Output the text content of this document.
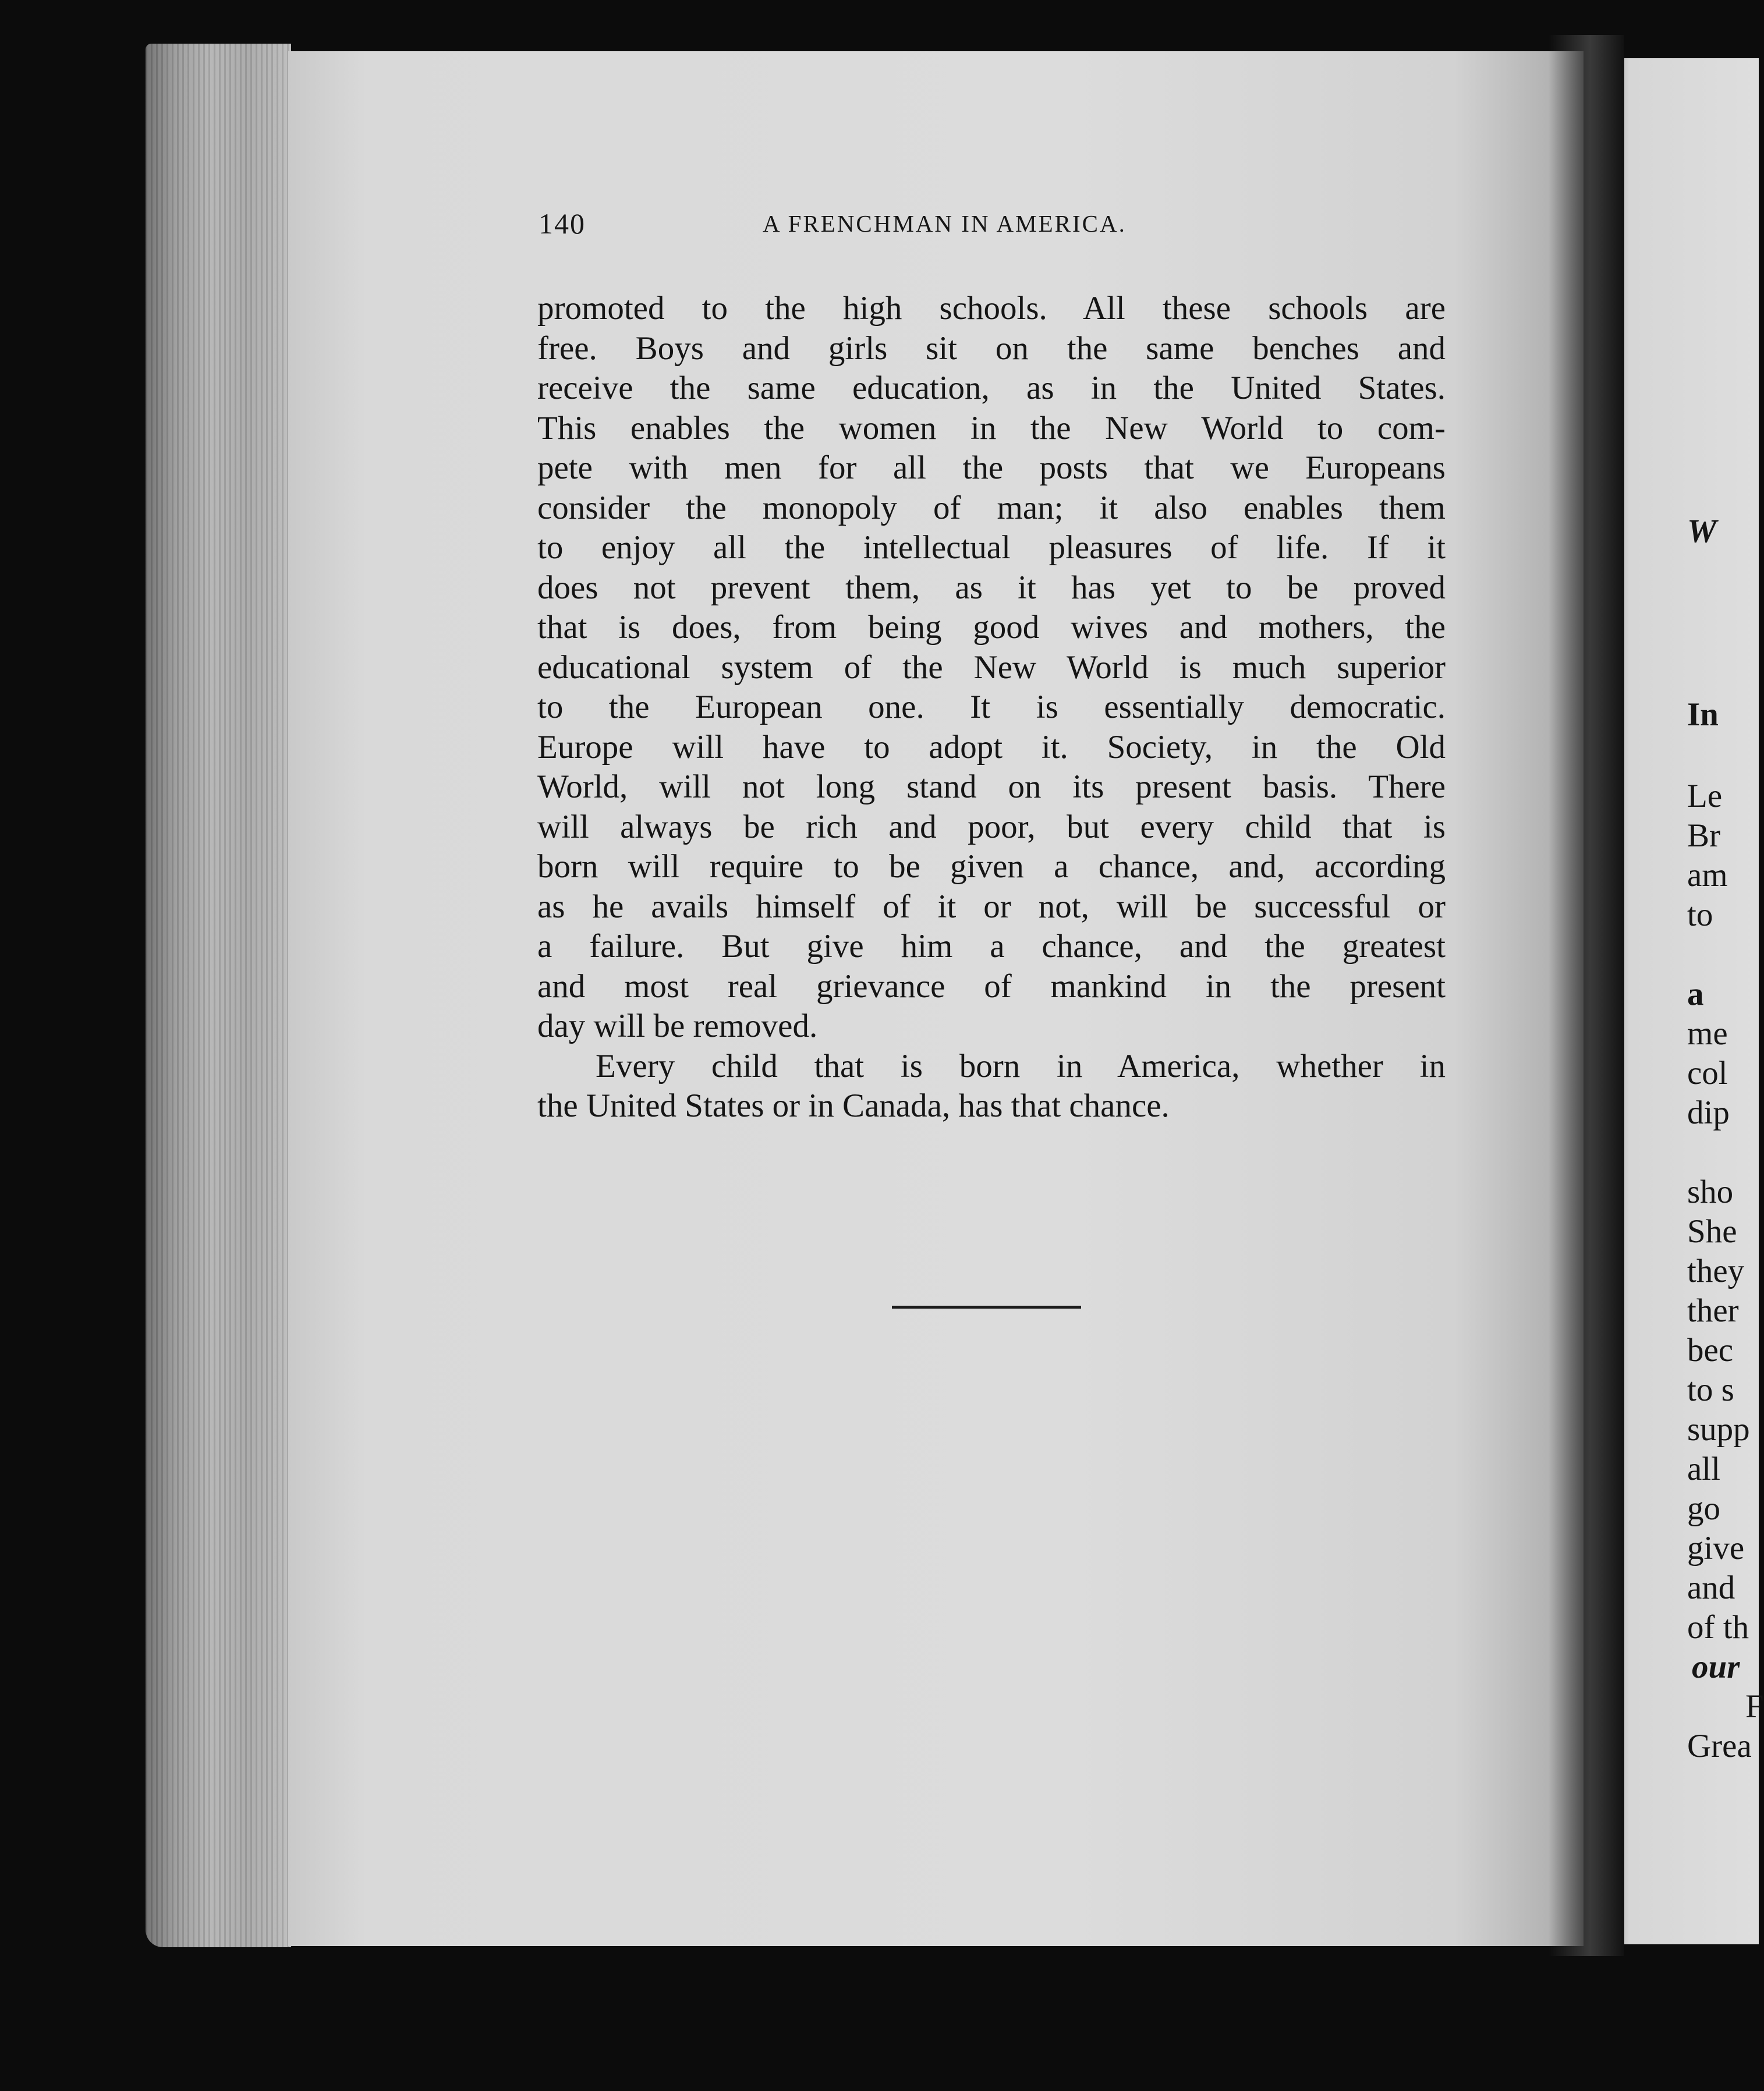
140	A FRENCHMAN IN AMERICA.
promoted to the high schools. All these schools are
free. Boys and girls sit on the same benches and
receive the same education, as in the United States.
This enables the women in the New World to com-
pete with men for all the posts that we Europeans
consider the monopoly of man; it also enables them
to enjoy all the intellectual pleasures of life. If it
does not prevent them, as it has yet to be proved
that is does, from being good wives and mothers, the
educational system of the New World is much superior
to the European one. It is essentially democratic.
Europe will have to adopt it. Society, in the Old
World, will not long stand on its present basis. There
will always be rich and poor, but every child that is
born will require to be given a chance, and, according
as he avails himself of it or not, will be successful or
a failure. But give him a chance, and the greatest
and most real grievance of mankind in the present
day will be removed.
Every child that is born in America, whether in
the United States or in Canada, has that chance.
W
In
Le
Br
am
to
a
me
col
dip
sho
She
they
ther
bec
to s
supp
all
go
give
and
of th
our
F
Grea
